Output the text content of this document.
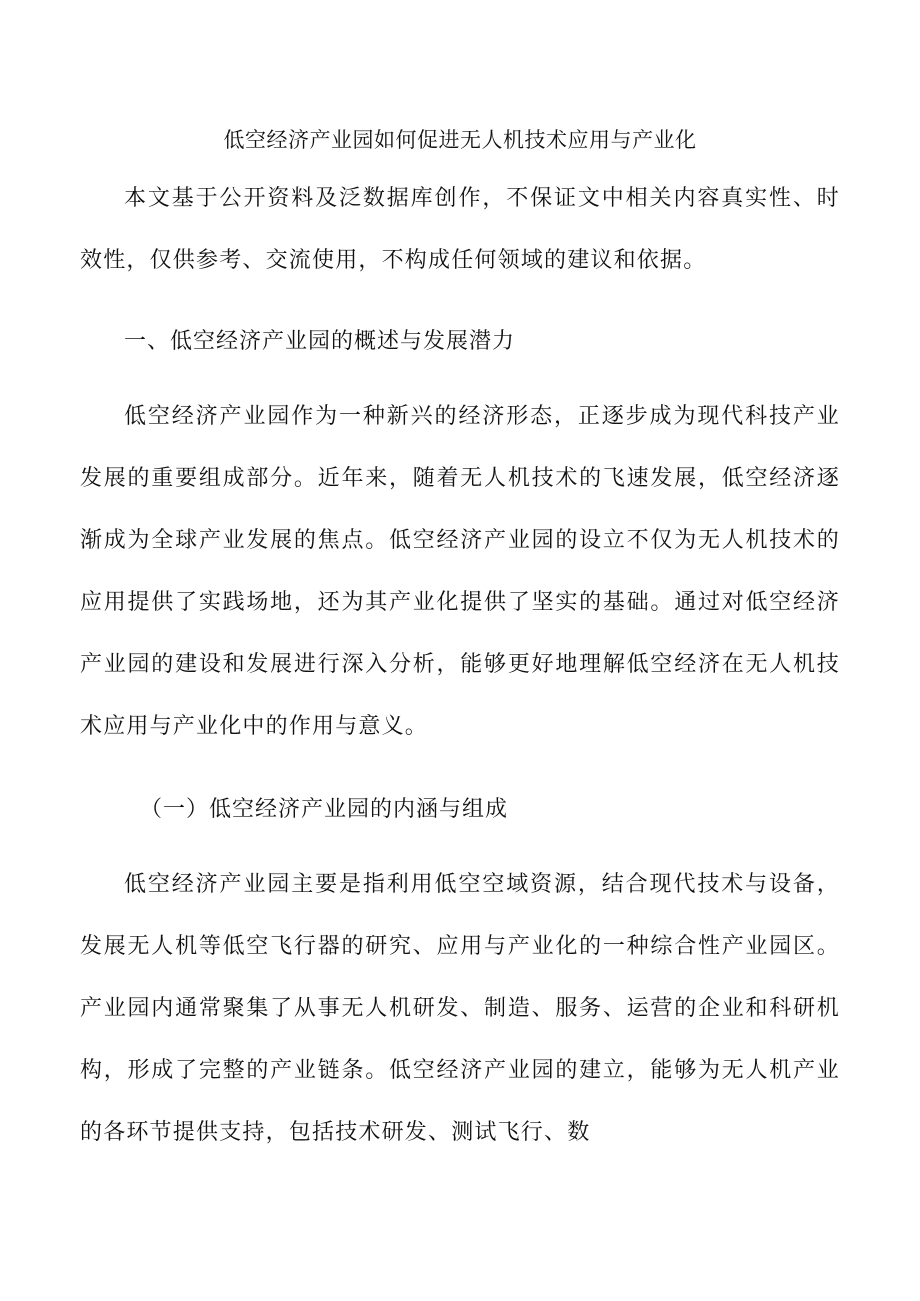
低空经济产业园如何促进无人机技术应用与产业化

本文基于公开资料及泛数据库创作，不保证文中相关内容真实性、时效性，仅供参考、交流使用，不构成任何领域的建议和依据。

一、低空经济产业园的概述与发展潜力

低空经济产业园作为一种新兴的经济形态，正逐步成为现代科技产业发展的重要组成部分。近年来，随着无人机技术的飞速发展，低空经济逐渐成为全球产业发展的焦点。低空经济产业园的设立不仅为无人机技术的应用提供了实践场地，还为其产业化提供了坚实的基础。通过对低空经济产业园的建设和发展进行深入分析，能够更好地理解低空经济在无人机技术应用与产业化中的作用与意义。

（一）低空经济产业园的内涵与组成

低空经济产业园主要是指利用低空空域资源，结合现代技术与设备，发展无人机等低空飞行器的研究、应用与产业化的一种综合性产业园区。产业园内通常聚集了从事无人机研发、制造、服务、运营的企业和科研机构，形成了完整的产业链条。低空经济产业园的建立，能够为无人机产业的各环节提供支持，包括技术研发、测试飞行、数
